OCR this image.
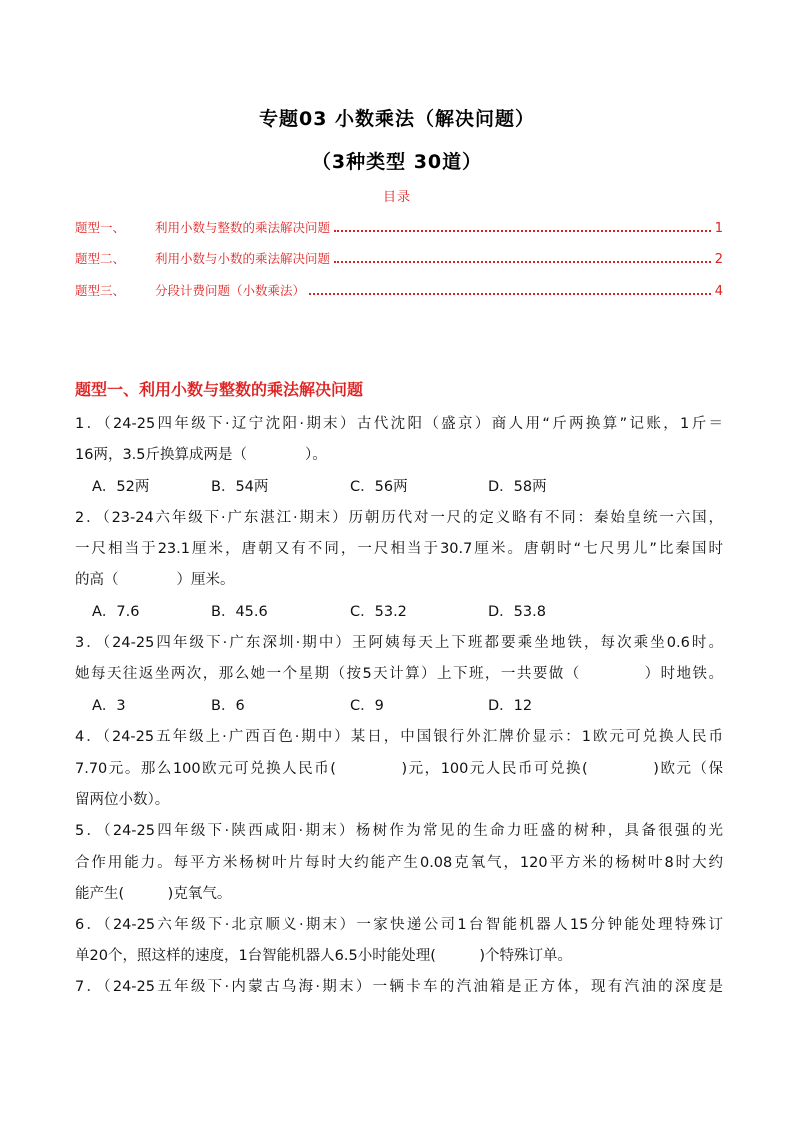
专题03 小数乘法（解决问题）
（3种类型 30道）
目录
题型一、	利用小数与整数的乘法解决问题	1
题型二、	利用小数与小数的乘法解决问题	2
题型三、	分段计费问题（小数乘法）	4
题型一、利用小数与整数的乘法解决问题
1．（24-25四年级下·辽宁沈阳·期末）古代沈阳（盛京）商人用“斤两换算”记账，1斤＝
16两，3.5斤换算成两是（　　　　）。
A．52两	B．54两	C．56两	D．58两
2．（23-24六年级下·广东湛江·期末）历朝历代对一尺的定义略有不同：秦始皇统一六国，
一尺相当于23.1厘米，唐朝又有不同，一尺相当于30.7厘米。唐朝时“七尺男儿”比秦国时
的高（　　　　）厘米。
A．7.6	B．45.6	C．53.2	D．53.8
3．（24-25四年级下·广东深圳·期中）王阿姨每天上下班都要乘坐地铁，每次乘坐0.6时。
她每天往返坐两次，那么她一个星期（按5天计算）上下班，一共要做（　　　　）时地铁。
A．3	B．6	C．9	D．12
4．（24-25五年级上·广西百色·期中）某日，中国银行外汇牌价显示：1欧元可兑换人民币
7.70元。那么100欧元可兑换人民币(　　　　)元，100元人民币可兑换(　　　　)欧元（保
留两位小数）。
5．（24-25四年级下·陕西咸阳·期末）杨树作为常见的生命力旺盛的树种，具备很强的光
合作用能力。每平方米杨树叶片每时大约能产生0.08克氧气，120平方米的杨树叶8时大约
能产生(　　　)克氧气。
6．（24-25六年级下·北京顺义·期末）一家快递公司1台智能机器人15分钟能处理特殊订
单20个，照这样的速度，1台智能机器人6.5小时能处理(　　　)个特殊订单。
7．（24-25五年级下·内蒙古乌海·期末）一辆卡车的汽油箱是正方体，现有汽油的深度是
